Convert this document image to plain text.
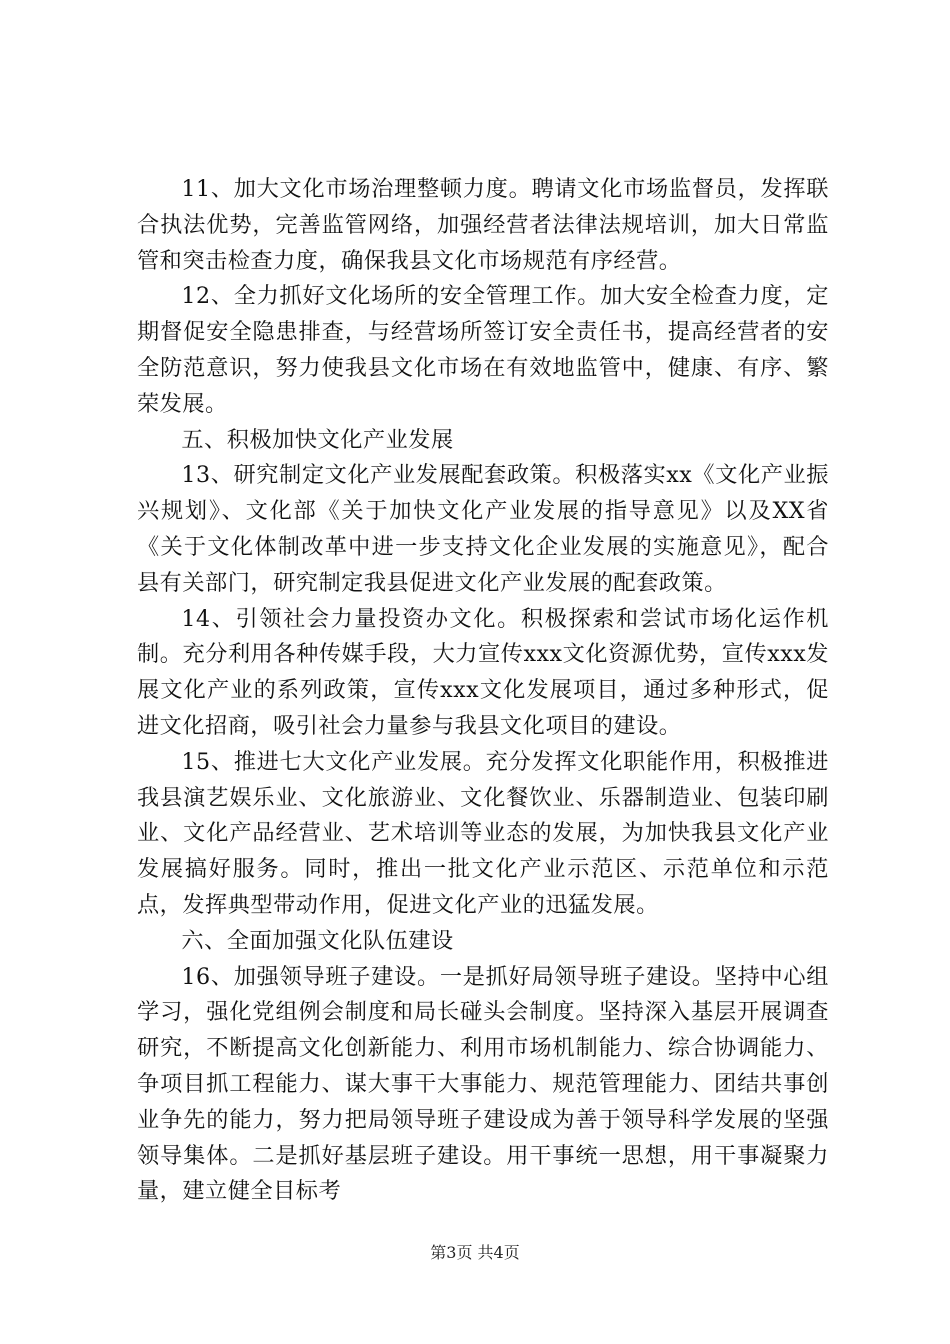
11、加大文化市场治理整顿力度。聘请文化市场监督员，发挥联合执法优势，完善监管网络，加强经营者法律法规培训，加大日常监管和突击检查力度，确保我县文化市场规范有序经营。

12、全力抓好文化场所的安全管理工作。加大安全检查力度，定期督促安全隐患排查，与经营场所签订安全责任书，提高经营者的安全防范意识，努力使我县文化市场在有效地监管中，健康、有序、繁荣发展。

五、积极加快文化产业发展

13、研究制定文化产业发展配套政策。积极落实xx《文化产业振兴规划》、文化部《关于加快文化产业发展的指导意见》以及XX省《关于文化体制改革中进一步支持文化企业发展的实施意见》，配合县有关部门，研究制定我县促进文化产业发展的配套政策。

14、引领社会力量投资办文化。积极探索和尝试市场化运作机制。充分利用各种传媒手段，大力宣传xxx文化资源优势，宣传xxx发展文化产业的系列政策，宣传xxx文化发展项目，通过多种形式，促进文化招商，吸引社会力量参与我县文化项目的建设。

15、推进七大文化产业发展。充分发挥文化职能作用，积极推进我县演艺娱乐业、文化旅游业、文化餐饮业、乐器制造业、包装印刷业、文化产品经营业、艺术培训等业态的发展，为加快我县文化产业发展搞好服务。同时，推出一批文化产业示范区、示范单位和示范点，发挥典型带动作用，促进文化产业的迅猛发展。

六、全面加强文化队伍建设

16、加强领导班子建设。一是抓好局领导班子建设。坚持中心组学习，强化党组例会制度和局长碰头会制度。坚持深入基层开展调查研究，不断提高文化创新能力、利用市场机制能力、综合协调能力、争项目抓工程能力、谋大事干大事能力、规范管理能力、团结共事创业争先的能力，努力把局领导班子建设成为善于领导科学发展的坚强领导集体。二是抓好基层班子建设。用干事统一思想，用干事凝聚力量，建立健全目标考

第3页 共4页
